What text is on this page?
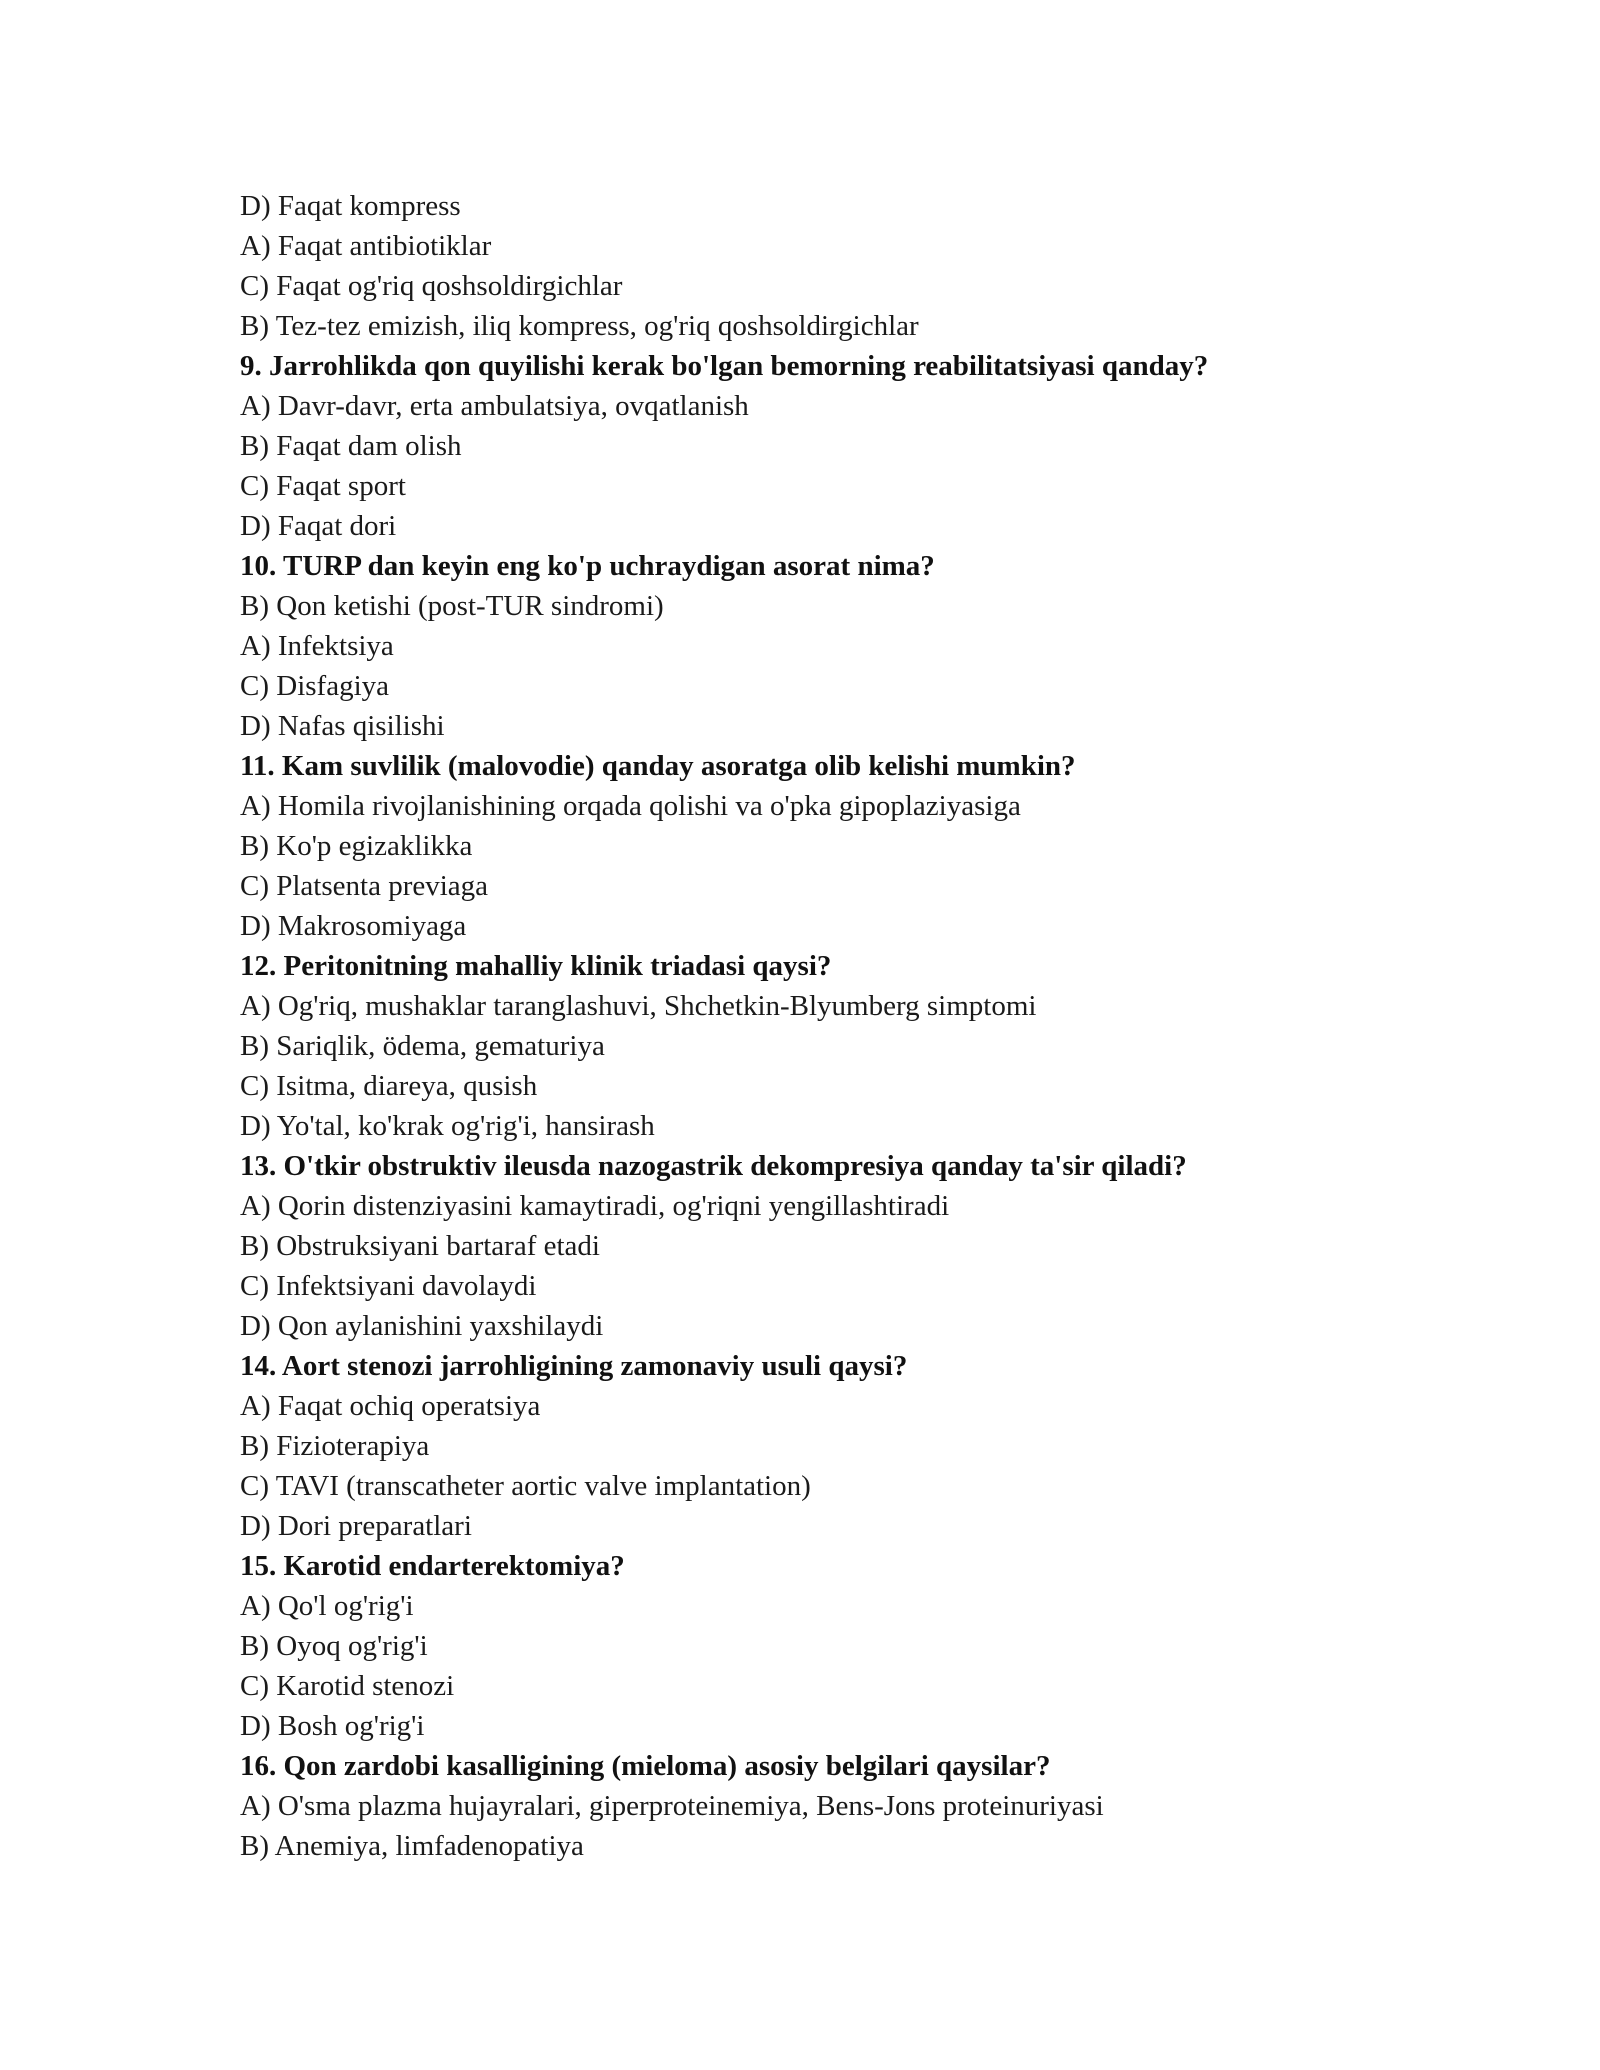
D) Faqat kompress
A) Faqat antibiotiklar
C) Faqat og'riq qoshsoldirgichlar
B) Tez-tez emizish, iliq kompress, og'riq qoshsoldirgichlar
9. Jarrohlikda qon quyilishi kerak bo'lgan bemorning reabilitatsiyasi qanday?
A) Davr-davr, erta ambulatsiya, ovqatlanish
B) Faqat dam olish
C) Faqat sport
D) Faqat dori
10. TURP dan keyin eng ko'p uchraydigan asorat nima?
B) Qon ketishi (post-TUR sindromi)
A) Infektsiya
C) Disfagiya
D) Nafas qisilishi
11. Kam suvlilik (malovodie) qanday asoratga olib kelishi mumkin?
A) Homila rivojlanishining orqada qolishi va o'pka gipoplaziyasiga
B) Ko'p egizaklikka
C) Platsenta previaga
D) Makrosomiyaga
12. Peritonitning mahalliy klinik triadasi qaysi?
A) Og'riq, mushaklar taranglashuvi, Shchetkin-Blyumberg simptomi
B) Sariqlik, ödema, gematuriya
C) Isitma, diareya, qusish
D) Yo'tal, ko'krak og'rig'i, hansirash
13. O'tkir obstruktiv ileusda nazogastrik dekompresiya qanday ta'sir qiladi?
A) Qorin distenziyasini kamaytiradi, og'riqni yengillashtiradi
B) Obstruksiyani bartaraf etadi
C) Infektsiyani davolaydi
D) Qon aylanishini yaxshilaydi
14. Aort stenozi jarrohligining zamonaviy usuli qaysi?
A) Faqat ochiq operatsiya
B) Fizioterapiya
C) TAVI (transcatheter aortic valve implantation)
D) Dori preparatlari
15. Karotid endarterektomiya?
A) Qo'l og'rig'i
B) Oyoq og'rig'i
C) Karotid stenozi
D) Bosh og'rig'i
16. Qon zardobi kasalligining (mieloma) asosiy belgilari qaysilar?
A) O'sma plazma hujayralari, giperproteinemiya, Bens-Jons proteinuriyasi
B) Anemiya, limfadenopatiya
